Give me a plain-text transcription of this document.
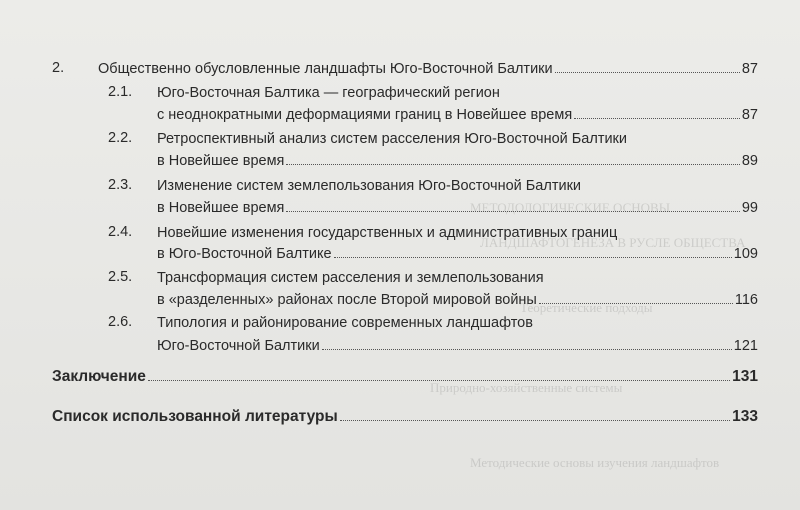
МЕТОДОЛОГИЧЕСКИЕ ОСНОВЫ
ЛАНДШАФТОГЕНЕЗА В РУСЛЕ ОБЩЕСТВА
Теоретические подходы
Природно-хозяйственные системы
Методические основы изучения ландшафтов
2. Общественно обусловленные ландшафты Юго-Восточной Балтики	87
2.1. Юго-Восточная Балтика — географический регион
с неоднократными деформациями границ в Новейшее время	87
2.2. Ретроспективный анализ систем расселения Юго-Восточной Балтики
в Новейшее время	89
2.3. Изменение систем землепользования Юго-Восточной Балтики
в Новейшее время	99
2.4. Новейшие изменения государственных и административных границ
в Юго-Восточной Балтике	109
2.5. Трансформация систем расселения и землепользования
в «разделенных» районах после Второй мировой войны	116
2.6. Типология и районирование современных ландшафтов
Юго-Восточной Балтики	121
Заключение	131
Список использованной литературы	133
